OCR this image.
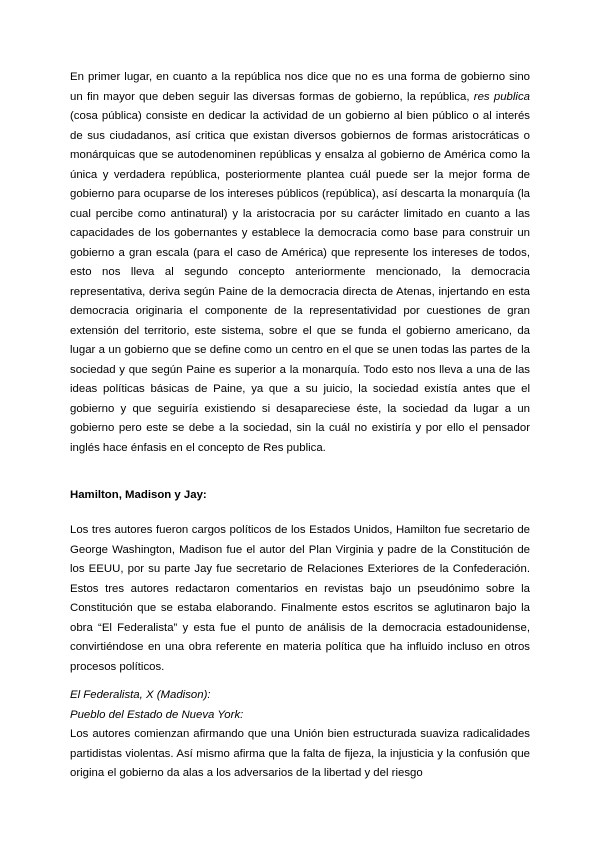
En primer lugar, en cuanto a la república nos dice que no es una forma de gobierno sino un fin mayor que deben seguir las diversas formas de gobierno, la república, res publica (cosa pública) consiste en dedicar la actividad de un gobierno al bien público o al interés de sus ciudadanos, así critica que existan diversos gobiernos de formas aristocráticas o monárquicas que se autodenominen repúblicas y ensalza al gobierno de América como la única y verdadera república, posteriormente plantea cuál puede ser la mejor forma de gobierno para ocuparse de los intereses públicos (república), así descarta la monarquía (la cual percibe como antinatural) y la aristocracia por su carácter limitado en cuanto a las capacidades de los gobernantes y establece la democracia como base para construir un gobierno a gran escala (para el caso de América) que represente los intereses de todos, esto nos lleva al segundo concepto anteriormente mencionado, la democracia representativa, deriva según Paine de la democracia directa de Atenas, injertando en esta democracia originaria el componente de la representatividad por cuestiones de gran extensión del territorio, este sistema, sobre el que se funda el gobierno americano, da lugar a un gobierno que se define como un centro en el que se unen todas las partes de la sociedad y que según Paine es superior a la monarquía. Todo esto nos lleva a una de las ideas políticas básicas de Paine, ya que a su juicio, la sociedad existía antes que el gobierno y que seguiría existiendo si desapareciese éste, la sociedad da lugar a un gobierno pero este se debe a la sociedad, sin la cuál no existiría y por ello el pensador inglés hace énfasis en el concepto de Res publica.

Hamilton, Madison y Jay:

Los tres autores fueron cargos políticos de los Estados Unidos, Hamilton fue secretario de George Washington, Madison fue el autor del Plan Virginia y padre de la Constitución de los EEUU, por su parte Jay fue secretario de Relaciones Exteriores de la Confederación. Estos tres autores redactaron comentarios en revistas bajo un pseudónimo sobre la Constitución que se estaba elaborando. Finalmente estos escritos se aglutinaron bajo la obra “El Federalista” y esta fue el punto de análisis de la democracia estadounidense, convirtiéndose en una obra referente en materia política que ha influido incluso en otros procesos políticos.

El Federalista, X (Madison):
Pueblo del Estado de Nueva York:
Los autores comienzan afirmando que una Unión bien estructurada suaviza radicalidades partidistas violentas. Así mismo afirma que la falta de fijeza, la injusticia y la confusión que origina el gobierno da alas a los adversarios de la libertad y del riesgo
